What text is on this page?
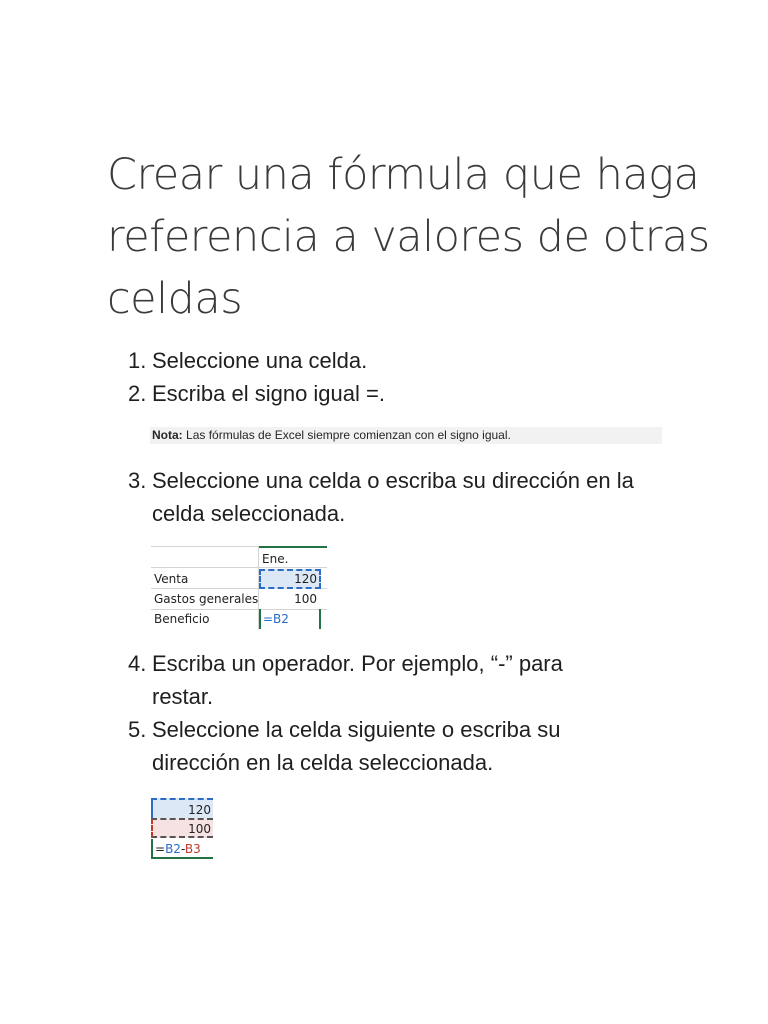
Crear una fórmula que haga
referencia a valores de otras
celdas
1. Seleccione una celda.
2. Escriba el signo igual =.
Nota: Las fórmulas de Excel siempre comienzan con el signo igual.
3. Seleccione una celda o escriba su dirección en la celda seleccionada.
Ene.
Venta	120
Gastos generales	100
Beneficio	=B2
4. Escriba un operador. Por ejemplo, “-” para restar.
5. Seleccione la celda siguiente o escriba su dirección en la celda seleccionada.
120
100
=B2-B3
